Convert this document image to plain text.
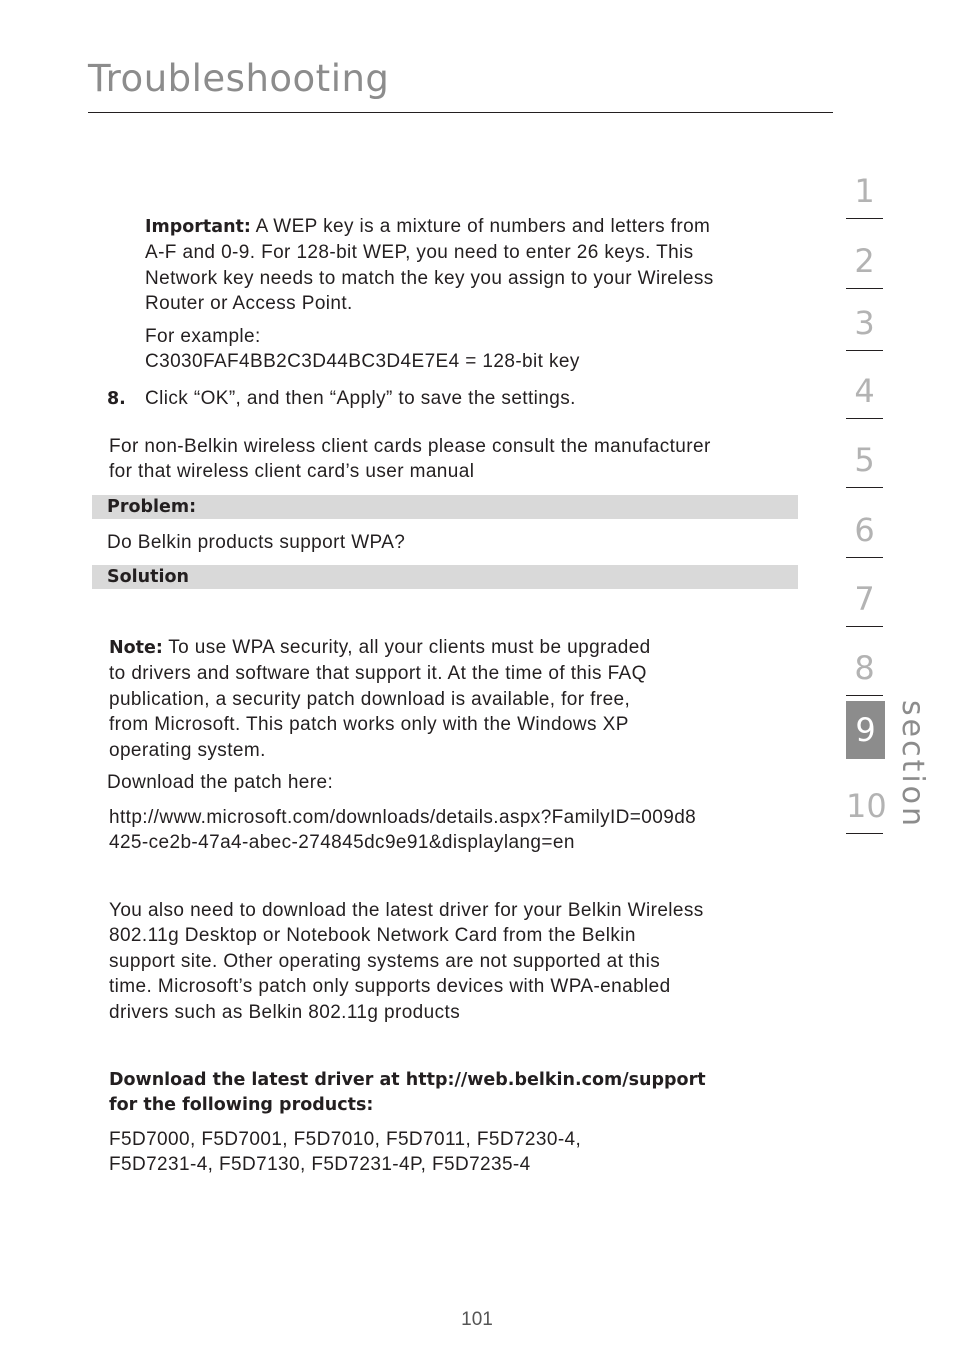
Troubleshooting

Important: A WEP key is a mixture of numbers and letters from
A-F and 0-9. For 128-bit WEP, you need to enter 26 keys. This
Network key needs to match the key you assign to your Wireless
Router or Access Point.

For example:
C3030FAF4BB2C3D44BC3D4E7E4 = 128-bit key

8.	Click “OK”, and then “Apply” to save the settings.

For non-Belkin wireless client cards please consult the manufacturer
for that wireless client card’s user manual

Problem:

Do Belkin products support WPA?

Solution

Note: To use WPA security, all your clients must be upgraded
to drivers and software that support it. At the time of this FAQ
publication, a security patch download is available, for free,
from Microsoft. This patch works only with the Windows XP
operating system.

Download the patch here:

http://www.microsoft.com/downloads/details.aspx?FamilyID=009d8
425-ce2b-47a4-abec-274845dc9e91&displaylang=en

You also need to download the latest driver for your Belkin Wireless
802.11g Desktop or Notebook Network Card from the Belkin
support site. Other operating systems are not supported at this
time. Microsoft’s patch only supports devices with WPA-enabled
drivers such as Belkin 802.11g products

Download the latest driver at http://web.belkin.com/support
for the following products:

F5D7000, F5D7001, F5D7010, F5D7011, F5D7230-4,
F5D7231-4, F5D7130, F5D7231-4P, F5D7235-4

1
2
3
4
5
6
7
8
9
10 section
101
